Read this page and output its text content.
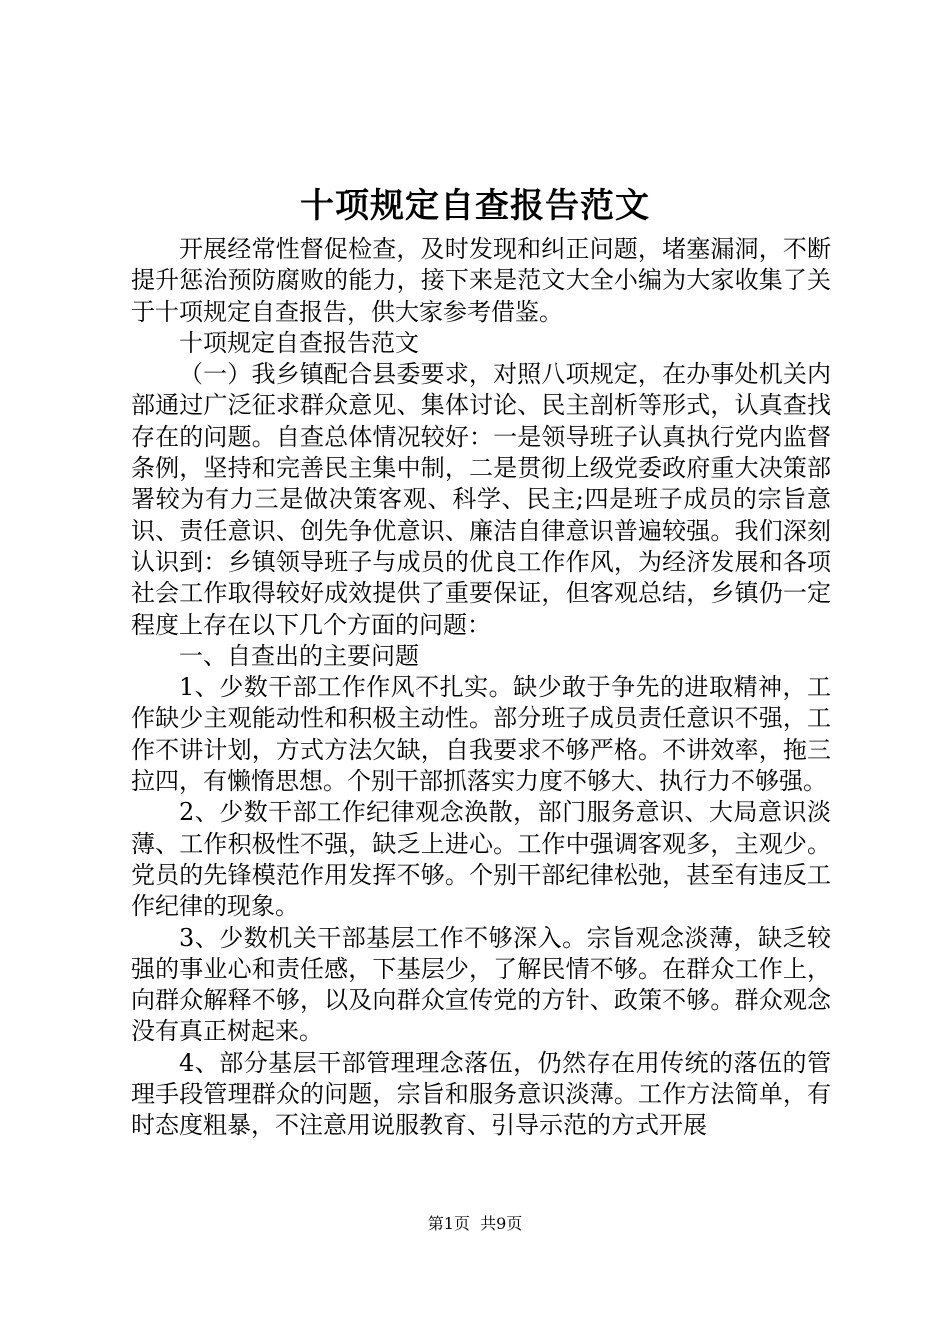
十项规定自查报告范文

开展经常性督促检查，及时发现和纠正问题，堵塞漏洞，不断提升惩治预防腐败的能力，接下来是范文大全小编为大家收集了关于十项规定自查报告，供大家参考借鉴。

十项规定自查报告范文

（一）我乡镇配合县委要求，对照八项规定，在办事处机关内部通过广泛征求群众意见、集体讨论、民主剖析等形式，认真查找存在的问题。自查总体情况较好：一是领导班子认真执行党内监督条例，坚持和完善民主集中制，二是贯彻上级党委政府重大决策部署较为有力三是做决策客观、科学、民主;四是班子成员的宗旨意识、责任意识、创先争优意识、廉洁自律意识普遍较强。我们深刻认识到：乡镇领导班子与成员的优良工作作风，为经济发展和各项社会工作取得较好成效提供了重要保证，但客观总结，乡镇仍一定程度上存在以下几个方面的问题：

一、自查出的主要问题

1、少数干部工作作风不扎实。缺少敢于争先的进取精神，工作缺少主观能动性和积极主动性。部分班子成员责任意识不强，工作不讲计划，方式方法欠缺，自我要求不够严格。不讲效率，拖三拉四，有懒惰思想。个别干部抓落实力度不够大、执行力不够强。

2、少数干部工作纪律观念涣散，部门服务意识、大局意识淡薄、工作积极性不强，缺乏上进心。工作中强调客观多，主观少。党员的先锋模范作用发挥不够。个别干部纪律松弛，甚至有违反工作纪律的现象。

3、少数机关干部基层工作不够深入。宗旨观念淡薄，缺乏较强的事业心和责任感，下基层少，了解民情不够。在群众工作上，向群众解释不够，以及向群众宣传党的方针、政策不够。群众观念没有真正树起来。

4、部分基层干部管理理念落伍，仍然存在用传统的落伍的管理手段管理群众的问题，宗旨和服务意识淡薄。工作方法简单，有时态度粗暴，不注意用说服教育、引导示范的方式开展

第1页 共9页
